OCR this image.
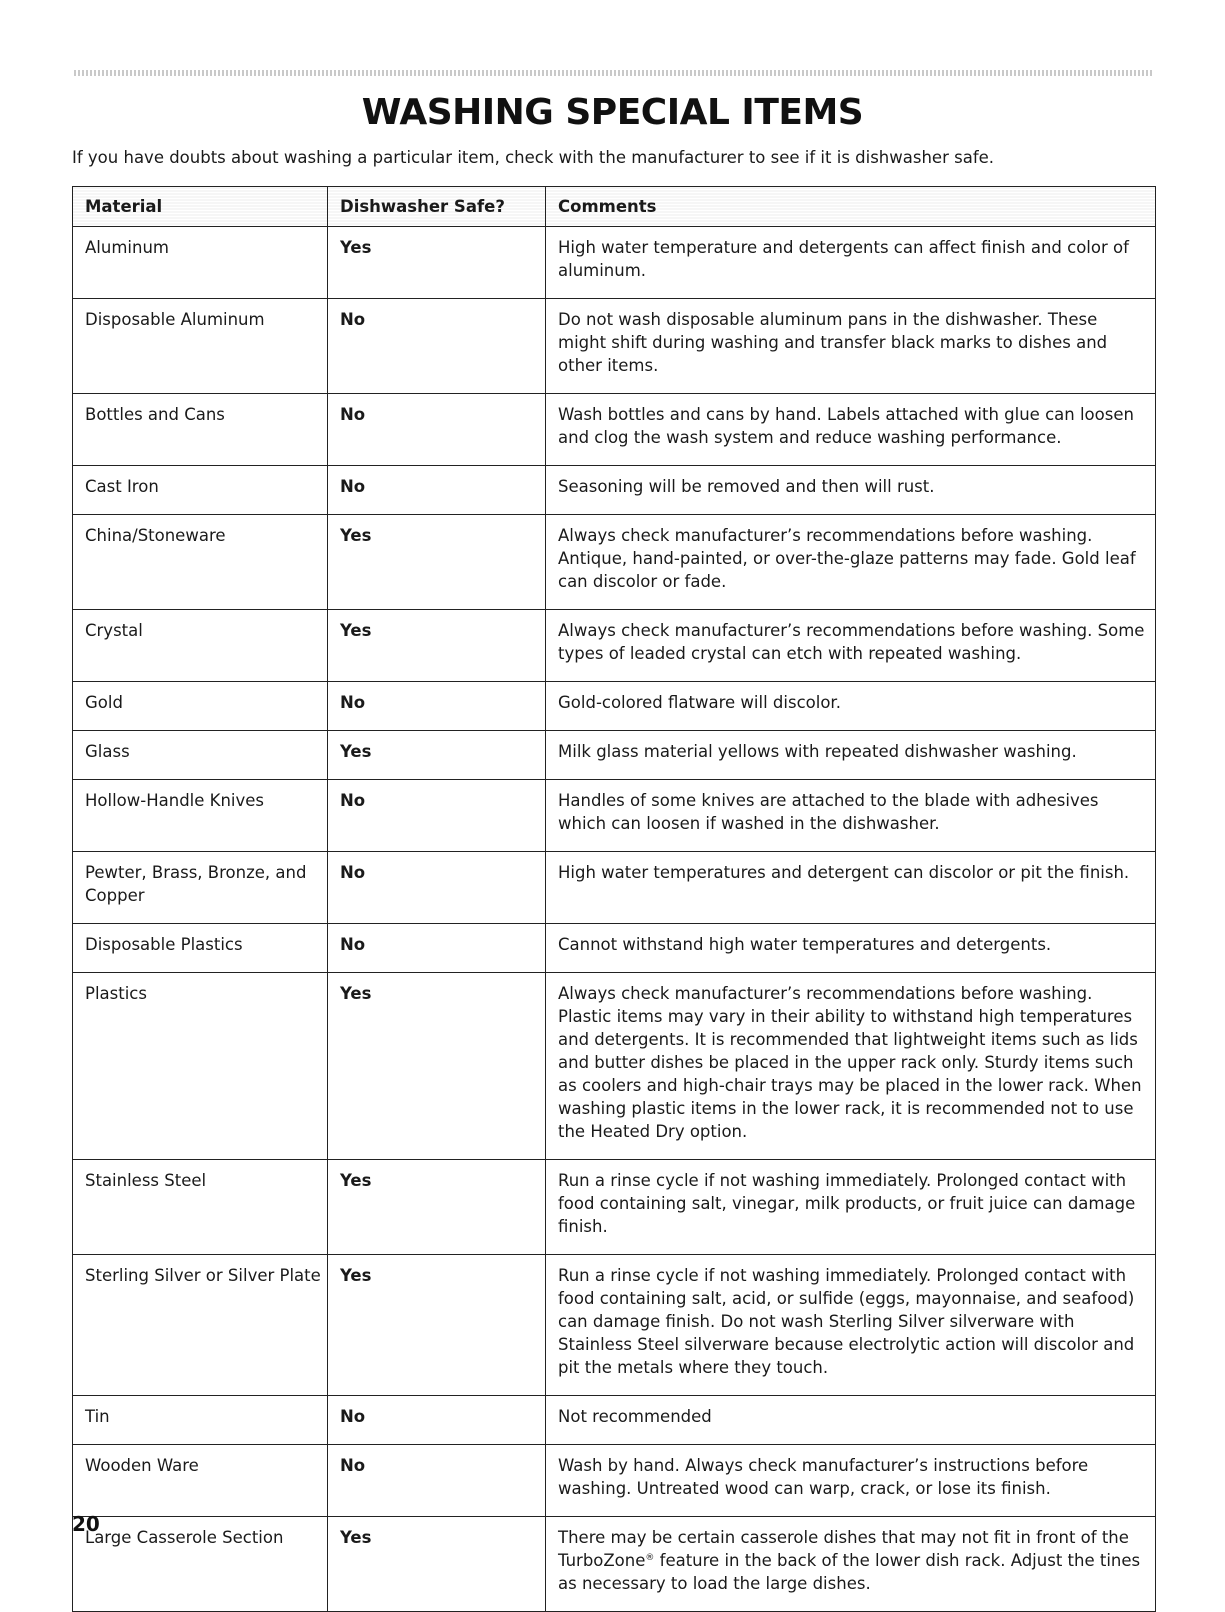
WASHING SPECIAL ITEMS

If you have doubts about washing a particular item, check with the manufacturer to see if it is dishwasher safe.

Material	Dishwasher Safe?	Comments
Aluminum	Yes	High water temperature and detergents can affect finish and color of aluminum.
Disposable Aluminum	No	Do not wash disposable aluminum pans in the dishwasher. These might shift during washing and transfer black marks to dishes and other items.
Bottles and Cans	No	Wash bottles and cans by hand. Labels attached with glue can loosen and clog the wash system and reduce washing performance.
Cast Iron	No	Seasoning will be removed and then will rust.
China/Stoneware	Yes	Always check manufacturer’s recommendations before washing. Antique, hand-painted, or over-the-glaze patterns may fade. Gold leaf can discolor or fade.
Crystal	Yes	Always check manufacturer’s recommendations before washing. Some types of leaded crystal can etch with repeated washing.
Gold	No	Gold-colored flatware will discolor.
Glass	Yes	Milk glass material yellows with repeated dishwasher washing.
Hollow-Handle Knives	No	Handles of some knives are attached to the blade with adhesives which can loosen if washed in the dishwasher.
Pewter, Brass, Bronze, and Copper	No	High water temperatures and detergent can discolor or pit the finish.
Disposable Plastics	No	Cannot withstand high water temperatures and detergents.
Plastics	Yes	Always check manufacturer’s recommendations before washing. Plastic items may vary in their ability to withstand high temperatures and detergents. It is recommended that lightweight items such as lids and butter dishes be placed in the upper rack only. Sturdy items such as coolers and high-chair trays may be placed in the lower rack. When washing plastic items in the lower rack, it is recommended not to use the Heated Dry option.
Stainless Steel	Yes	Run a rinse cycle if not washing immediately. Prolonged contact with food containing salt, vinegar, milk products, or fruit juice can damage finish.
Sterling Silver or Silver Plate	Yes	Run a rinse cycle if not washing immediately. Prolonged contact with food containing salt, acid, or sulfide (eggs, mayonnaise, and seafood) can damage finish. Do not wash Sterling Silver silverware with Stainless Steel silverware because electrolytic action will discolor and pit the metals where they touch.
Tin	No	Not recommended
Wooden Ware	No	Wash by hand. Always check manufacturer’s instructions before washing. Untreated wood can warp, crack, or lose its finish.
Large Casserole Section	Yes	There may be certain casserole dishes that may not fit in front of the TurboZone® feature in the back of the lower dish rack. Adjust the tines as necessary to load the large dishes.
20
